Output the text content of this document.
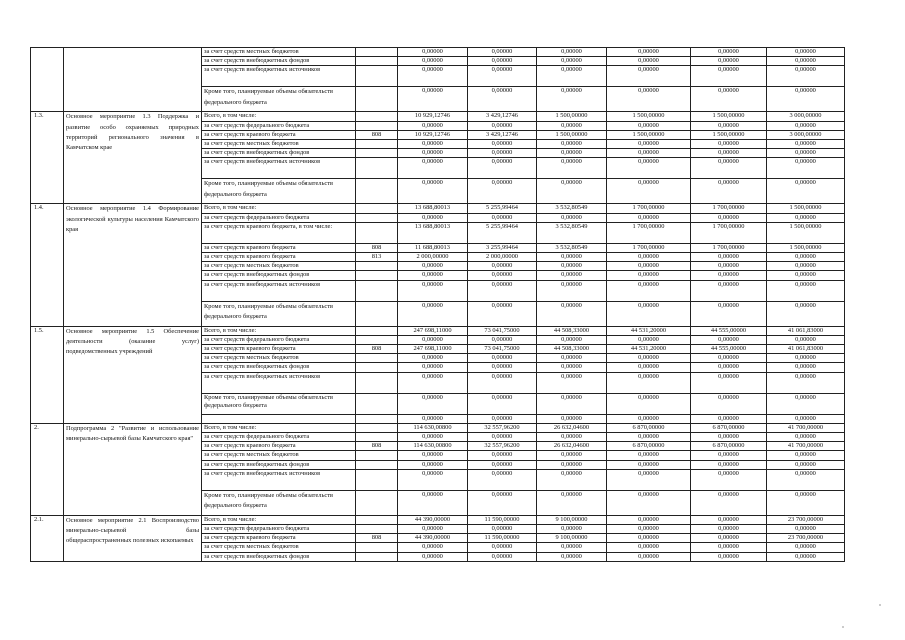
		за счет средств местных бюджетов		0,00000	0,00000	0,00000	0,00000	0,00000	0,00000
		за счет средств внебюджетных фондов		0,00000	0,00000	0,00000	0,00000	0,00000	0,00000
		за счет средств внебюджетных источников		0,00000	0,00000	0,00000	0,00000	0,00000	0,00000
		Кроме того, планируемые объемы обязательств федерального бюджета		0,00000	0,00000	0,00000	0,00000	0,00000	0,00000
1.3.	Основное мероприятие 1.3 Поддержка и развитие особо охраняемых природных территорий регионального значения в Камчатском крае	Всего, в том числе:		10 929,12746	3 429,12746	1 500,00000	1 500,00000	1 500,00000	3 000,00000
		за счет средств федерального бюджета		0,00000	0,00000	0,00000	0,00000	0,00000	0,00000
		за счет средств краевого бюджета	808	10 929,12746	3 429,12746	1 500,00000	1 500,00000	1 500,00000	3 000,00000
		за счет средств местных бюджетов		0,00000	0,00000	0,00000	0,00000	0,00000	0,00000
		за счет средств внебюджетных фондов		0,00000	0,00000	0,00000	0,00000	0,00000	0,00000
		за счет средств внебюджетных источников		0,00000	0,00000	0,00000	0,00000	0,00000	0,00000
		Кроме того, планируемые объемы обязательств федерального бюджета		0,00000	0,00000	0,00000	0,00000	0,00000	0,00000
1.4.	Основное мероприятие 1.4 Формирование экологической культуры населения Камчатского края	Всего, в том числе:		13 688,80013	5 255,99464	3 532,80549	1 700,00000	1 700,00000	1 500,00000
		за счет средств федерального бюджета		0,00000	0,00000	0,00000	0,00000	0,00000	0,00000
		за счет средств краевого бюджета, в том числе:		13 688,80013	5 255,99464	3 532,80549	1 700,00000	1 700,00000	1 500,00000
		за счет средств краевого бюджета	808	11 688,80013	3 255,99464	3 532,80549	1 700,00000	1 700,00000	1 500,00000
		за счет средств краевого бюджета	813	2 000,00000	2 000,00000	0,00000	0,00000	0,00000	0,00000
		за счет средств местных бюджетов		0,00000	0,00000	0,00000	0,00000	0,00000	0,00000
		за счет средств внебюджетных фондов		0,00000	0,00000	0,00000	0,00000	0,00000	0,00000
		за счет средств внебюджетных источников		0,00000	0,00000	0,00000	0,00000	0,00000	0,00000
		Кроме того, планируемые объемы обязательств федерального бюджета		0,00000	0,00000	0,00000	0,00000	0,00000	0,00000
1.5.	Основное мероприятие 1.5 Обеспечение деятельности (оказание услуг) подведомственных учреждений	Всего, в том числе:		247 698,11000	73 041,75000	44 508,33000	44 531,20000	44 555,00000	41 061,83000
		за счет средств федерального бюджета		0,00000	0,00000	0,00000	0,00000	0,00000	0,00000
		за счет средств краевого бюджета	808	247 698,11000	73 041,75000	44 508,33000	44 531,20000	44 555,00000	41 061,83000
		за счет средств местных бюджетов		0,00000	0,00000	0,00000	0,00000	0,00000	0,00000
		за счет средств внебюджетных фондов		0,00000	0,00000	0,00000	0,00000	0,00000	0,00000
		за счет средств внебюджетных источников		0,00000	0,00000	0,00000	0,00000	0,00000	0,00000
		Кроме того, планируемые объемы обязательств федерального бюджета		0,00000	0,00000	0,00000	0,00000	0,00000	0,00000
				0,00000	0,00000	0,00000	0,00000	0,00000	0,00000
2.	Подпрограмма 2 "Развитие и использование минерально-сырьевой базы Камчатского края"	Всего, в том числе:		114 630,00800	32 557,96200	26 632,04600	6 870,00000	6 870,00000	41 700,00000
		за счет средств федерального бюджета		0,00000	0,00000	0,00000	0,00000	0,00000	0,00000
		за счет средств краевого бюджета	808	114 630,00800	32 557,96200	26 632,04600	6 870,00000	6 870,00000	41 700,00000
		за счет средств местных бюджетов		0,00000	0,00000	0,00000	0,00000	0,00000	0,00000
		за счет средств внебюджетных фондов		0,00000	0,00000	0,00000	0,00000	0,00000	0,00000
		за счет средств внебюджетных источников		0,00000	0,00000	0,00000	0,00000	0,00000	0,00000
		Кроме того, планируемые объемы обязательств федерального бюджета		0,00000	0,00000	0,00000	0,00000	0,00000	0,00000
2.1.	Основное мероприятие 2.1 Воспроизводство минерально-сырьевой базы общераспространенных полезных ископаемых	Всего, в том числе:		44 390,00000	11 590,00000	9 100,00000	0,00000	0,00000	23 700,00000
		за счет средств федерального бюджета		0,00000	0,00000	0,00000	0,00000	0,00000	0,00000
		за счет средств краевого бюджета	808	44 390,00000	11 590,00000	9 100,00000	0,00000	0,00000	23 700,00000
		за счет средств местных бюджетов		0,00000	0,00000	0,00000	0,00000	0,00000	0,00000
		за счет средств внебюджетных фондов		0,00000	0,00000	0,00000	0,00000	0,00000	0,00000
